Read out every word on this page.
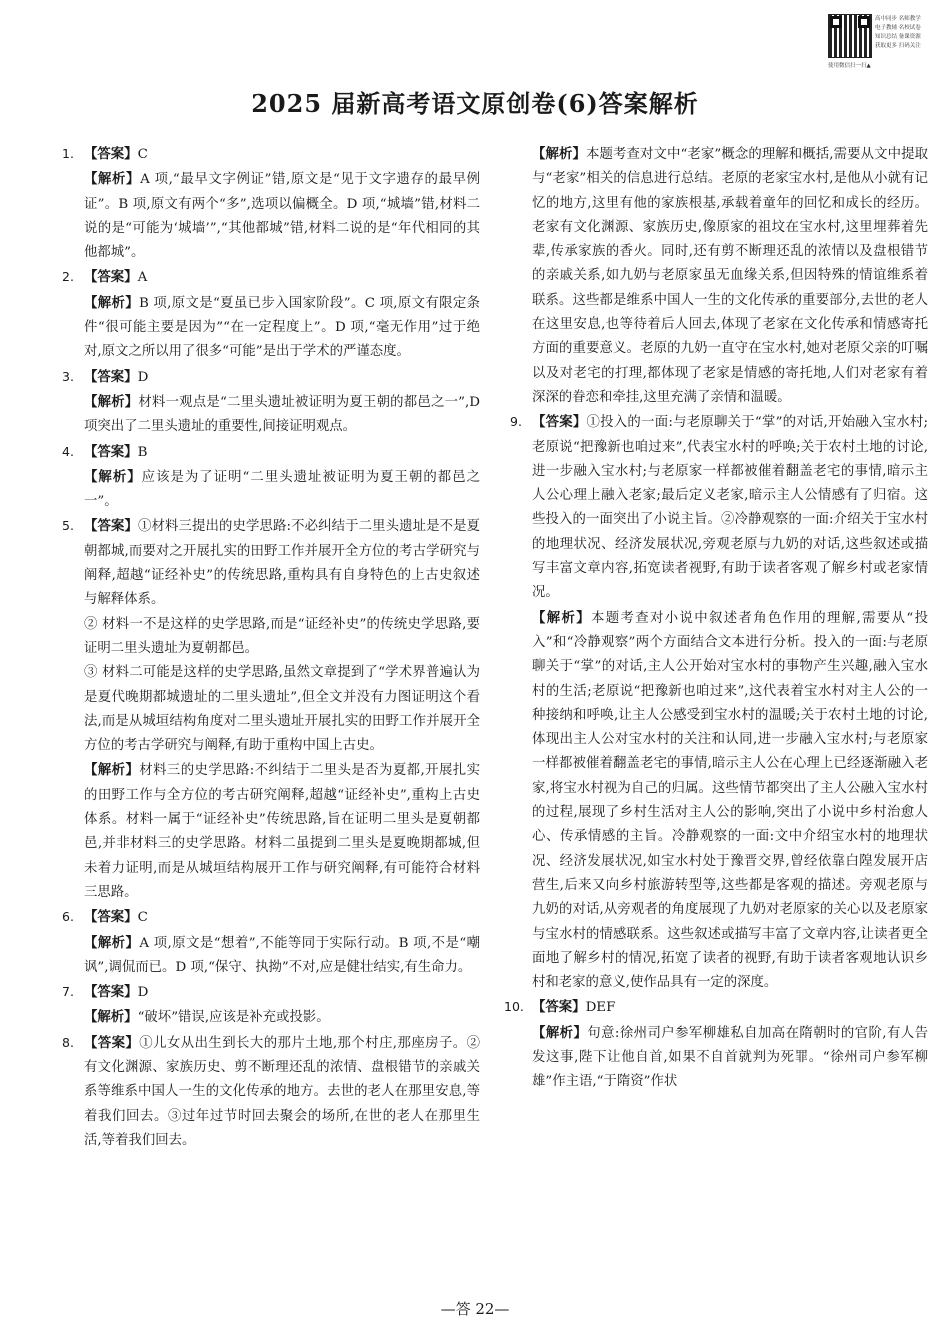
高中同步 名师教学
电子教辅 名校试卷
知识总结 备课资源
获取更多 扫码关注
使用微信扫一扫▲
2025 届新高考语文原创卷(6)答案解析
1. 【答案】C

【解析】A 项,“最早文字例证”错,原文是“见于文字遗存的最早例证”。B 项,原文有两个“多”,选项以偏概全。D 项,“城墙”错,材料二说的是“可能为‘城墙’”,“其他都城”错,材料二说的是“年代相同的其他都城”。

2. 【答案】A

【解析】B 项,原文是“夏虽已步入国家阶段”。C 项,原文有限定条件“很可能主要是因为”“在一定程度上”。D 项,“毫无作用”过于绝对,原文之所以用了很多“可能”是出于学术的严谨态度。

3. 【答案】D

【解析】材料一观点是“二里头遗址被证明为夏王朝的都邑之一”,D 项突出了二里头遗址的重要性,间接证明观点。

4. 【答案】B

【解析】应该是为了证明“二里头遗址被证明为夏王朝的都邑之一”。

5. 【答案】①材料三提出的史学思路:不必纠结于二里头遗址是不是夏朝都城,而要对之开展扎实的田野工作并展开全方位的考古学研究与阐释,超越“证经补史”的传统思路,重构具有自身特色的上古史叙述与解释体系。

② 材料一不是这样的史学思路,而是“证经补史”的传统史学思路,要证明二里头遗址为夏朝都邑。

③ 材料二可能是这样的史学思路,虽然文章提到了“学术界普遍认为是夏代晚期都城遗址的二里头遗址”,但全文并没有力图证明这个看法,而是从城垣结构角度对二里头遗址开展扎实的田野工作并展开全方位的考古学研究与阐释,有助于重构中国上古史。

【解析】材料三的史学思路:不纠结于二里头是否为夏都,开展扎实的田野工作与全方位的考古研究阐释,超越“证经补史”,重构上古史体系。材料一属于“证经补史”传统思路,旨在证明二里头是夏朝都邑,并非材料三的史学思路。材料二虽提到二里头是夏晚期都城,但未着力证明,而是从城垣结构展开工作与研究阐释,有可能符合材料三思路。

6. 【答案】C

【解析】A 项,原文是“想着”,不能等同于实际行动。B 项,不是“嘲讽”,调侃而已。D 项,“保守、执拗”不对,应是健壮结实,有生命力。

7. 【答案】D

【解析】“破坏”错误,应该是补充或投影。

8. 【答案】①儿女从出生到长大的那片土地,那个村庄,那座房子。②有文化渊源、家族历史、剪不断理还乱的浓情、盘根错节的亲戚关系等维系中国人一生的文化传承的地方。去世的老人在那里安息,等着我们回去。③过年过节时回去聚会的场所,在世的老人在那里生活,等着我们回去。

【解析】本题考查对文中“老家”概念的理解和概括,需要从文中提取与“老家”相关的信息进行总结。老原的老家宝水村,是他从小就有记忆的地方,这里有他的家族根基,承载着童年的回忆和成长的经历。老家有文化渊源、家族历史,像原家的祖坟在宝水村,这里埋葬着先辈,传承家族的香火。同时,还有剪不断理还乱的浓情以及盘根错节的亲戚关系,如九奶与老原家虽无血缘关系,但因特殊的情谊维系着联系。这些都是维系中国人一生的文化传承的重要部分,去世的老人在这里安息,也等待着后人回去,体现了老家在文化传承和情感寄托方面的重要意义。老原的九奶一直守在宝水村,她对老原父亲的叮嘱以及对老宅的打理,都体现了老家是情感的寄托地,人们对老家有着深深的眷恋和牵挂,这里充满了亲情和温暖。

9. 【答案】①投入的一面:与老原聊关于“掌”的对话,开始融入宝水村;老原说“把豫新也咱过来”,代表宝水村的呼唤;关于农村土地的讨论,进一步融入宝水村;与老原家一样都被催着翻盖老宅的事情,暗示主人公心理上融入老家;最后定义老家,暗示主人公情感有了归宿。这些投入的一面突出了小说主旨。②冷静观察的一面:介绍关于宝水村的地理状况、经济发展状况,旁观老原与九奶的对话,这些叙述或描写丰富文章内容,拓宽读者视野,有助于读者客观了解乡村或老家情况。

【解析】本题考查对小说中叙述者角色作用的理解,需要从“投入”和“冷静观察”两个方面结合文本进行分析。投入的一面:与老原聊关于“掌”的对话,主人公开始对宝水村的事物产生兴趣,融入宝水村的生活;老原说“把豫新也咱过来”,这代表着宝水村对主人公的一种接纳和呼唤,让主人公感受到宝水村的温暖;关于农村土地的讨论,体现出主人公对宝水村的关注和认同,进一步融入宝水村;与老原家一样都被催着翻盖老宅的事情,暗示主人公在心理上已经逐渐融入老家,将宝水村视为自己的归属。这些情节都突出了主人公融入宝水村的过程,展现了乡村生活对主人公的影响,突出了小说中乡村治愈人心、传承情感的主旨。冷静观察的一面:文中介绍宝水村的地理状况、经济发展状况,如宝水村处于豫晋交界,曾经依靠白隍发展开店营生,后来又向乡村旅游转型等,这些都是客观的描述。旁观老原与九奶的对话,从旁观者的角度展现了九奶对老原家的关心以及老原家与宝水村的情感联系。这些叙述或描写丰富了文章内容,让读者更全面地了解乡村的情况,拓宽了读者的视野,有助于读者客观地认识乡村和老家的意义,使作品具有一定的深度。

10. 【答案】DEF

【解析】句意:徐州司户参军柳雄私自加高在隋朝时的官阶,有人告发这事,陛下让他自首,如果不自首就判为死罪。“徐州司户参军柳雄”作主语,“于隋资”作状

—答 22—
